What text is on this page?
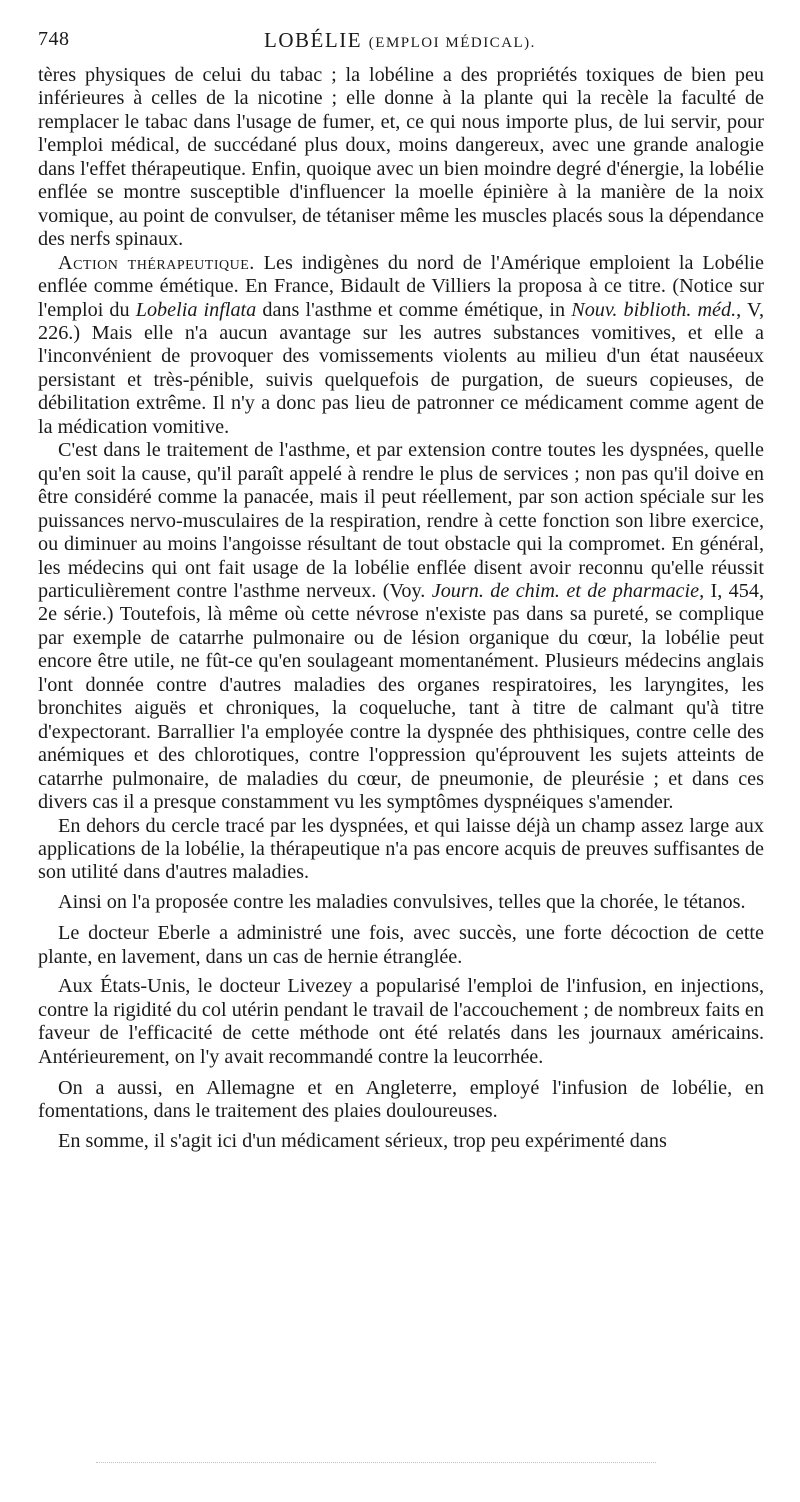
748	LOBÉLIE (EMPLOI MÉDICAL).

tères physiques de celui du tabac ; la lobéline a des propriétés toxiques de bien peu inférieures à celles de la nicotine ; elle donne à la plante qui la recèle la faculté de remplacer le tabac dans l'usage de fumer, et, ce qui nous importe plus, de lui servir, pour l'emploi médical, de succédané plus doux, moins dangereux, avec une grande analogie dans l'effet thérapeutique. Enfin, quoique avec un bien moindre degré d'énergie, la lobélie enflée se montre susceptible d'influencer la moelle épinière à la manière de la noix vomique, au point de convulser, de tétaniser même les muscles placés sous la dépendance des nerfs spinaux.

Action thérapeutique. Les indigènes du nord de l'Amérique emploient la Lobélie enflée comme émétique. En France, Bidault de Villiers la proposa à ce titre. (Notice sur l'emploi du Lobelia inflata dans l'asthme et comme émétique, in Nouv. biblioth. méd., V, 226.) Mais elle n'a aucun avantage sur les autres substances vomitives, et elle a l'inconvénient de provoquer des vomissements violents au milieu d'un état nauséeux persistant et très-pénible, suivis quelquefois de purgation, de sueurs copieuses, de débilitation extrême. Il n'y a donc pas lieu de patronner ce médicament comme agent de la médication vomitive.

C'est dans le traitement de l'asthme, et par extension contre toutes les dyspnées, quelle qu'en soit la cause, qu'il paraît appelé à rendre le plus de services ; non pas qu'il doive en être considéré comme la panacée, mais il peut réellement, par son action spéciale sur les puissances nervo-musculaires de la respiration, rendre à cette fonction son libre exercice, ou diminuer au moins l'angoisse résultant de tout obstacle qui la compromet. En général, les médecins qui ont fait usage de la lobélie enflée disent avoir reconnu qu'elle réussit particulièrement contre l'asthme nerveux. (Voy. Journ. de chim. et de pharmacie, I, 454, 2e série.) Toutefois, là même où cette névrose n'existe pas dans sa pureté, se complique par exemple de catarrhe pulmonaire ou de lésion organique du cœur, la lobélie peut encore être utile, ne fût-ce qu'en soulageant momentanément. Plusieurs médecins anglais l'ont donnée contre d'autres maladies des organes respiratoires, les laryngites, les bronchites aiguës et chroniques, la coqueluche, tant à titre de calmant qu'à titre d'expectorant. Barrallier l'a employée contre la dyspnée des phthisiques, contre celle des anémiques et des chlorotiques, contre l'oppression qu'éprouvent les sujets atteints de catarrhe pulmonaire, de maladies du cœur, de pneumonie, de pleurésie ; et dans ces divers cas il a presque constamment vu les symptômes dyspnéiques s'amender.

En dehors du cercle tracé par les dyspnées, et qui laisse déjà un champ assez large aux applications de la lobélie, la thérapeutique n'a pas encore acquis de preuves suffisantes de son utilité dans d'autres maladies.

Ainsi on l'a proposée contre les maladies convulsives, telles que la chorée, le tétanos.

Le docteur Eberle a administré une fois, avec succès, une forte décoction de cette plante, en lavement, dans un cas de hernie étranglée.

Aux États-Unis, le docteur Livezey a popularisé l'emploi de l'infusion, en injections, contre la rigidité du col utérin pendant le travail de l'accouchement ; de nombreux faits en faveur de l'efficacité de cette méthode ont été relatés dans les journaux américains. Antérieurement, on l'y avait recommandé contre la leucorrhée.

On a aussi, en Allemagne et en Angleterre, employé l'infusion de lobélie, en fomentations, dans le traitement des plaies douloureuses.

En somme, il s'agit ici d'un médicament sérieux, trop peu expérimenté dans
